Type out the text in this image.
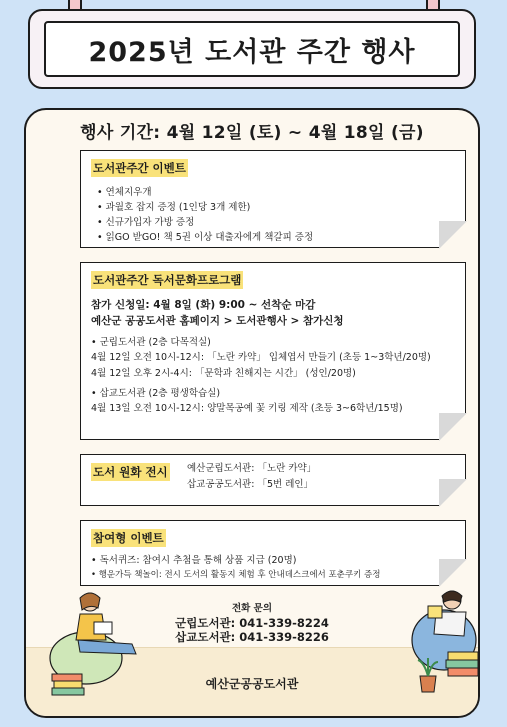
2025년 도서관 주간 행사
행사 기간: 4월 12일 (토) ~ 4월 18일 (금)
도서관주간 이벤트
• 연체지우개
• 과월호 잡지 증정 (1인당 3개 제한)
• 신규가입자 가방 증정
• 읽GO 받GO! 책 5권 이상 대출자에게 책갈피 증정
도서관주간 독서문화프로그램
참가 신청일: 4월 8일 (화) 9:00 ~ 선착순 마감
예산군 공공도서관 홈페이지 > 도서관행사 > 참가신청
• 군립도서관 (2층 다목적실)
4월 12일 오전 10시-12시: 「노란 카약」 입체엽서 만들기 (초등 1~3학년/20명)
4월 12일 오후 2시-4시: 「문학과 친해지는 시간」 (성인/20명)
• 삽교도서관 (2층 평생학습실)
4월 13일 오전 10시-12시: 양말목공예 꽃 키링 제작 (초등 3~6학년/15명)
도서 원화 전시 예산군립도서관: 「노란 카약」
삽교공공도서관: 「5번 레인」
참여형 이벤트
• 독서퀴즈: 참여시 추첨을 통해 상품 지급 (20명)
• 행운가득 책놀이: 전시 도서의 활동지 체험 후 안내데스크에서 포춘쿠키 증정
예산군공공도서관
전화 문의
군립도서관: 041-339-8224
삽교도서관: 041-339-8226
